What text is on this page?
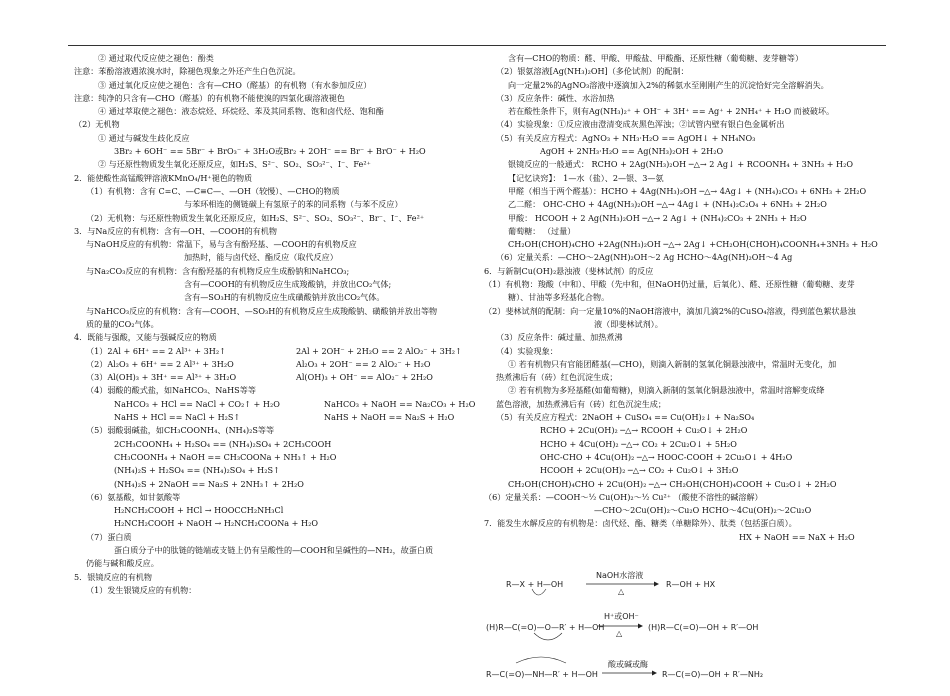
② 通过取代反应使之褪色：酚类
注意：苯酚溶液遇浓溴水时，除褪色现象之外还产生白色沉淀。
③ 通过氧化反应使之褪色：含有—CHO（醛基）的有机物（有水参加反应）
注意：纯净的只含有—CHO（醛基）的有机物不能使溴的四氯化碳溶液褪色
④ 通过萃取使之褪色：液态烷烃、环烷烃、苯及其同系物、饱和卤代烃、饱和酯
（2）无机物
① 通过与碱发生歧化反应
3Br₂ + 6OH⁻ == 5Br⁻ + BrO₃⁻ + 3H₂O或Br₂ + 2OH⁻ == Br⁻ + BrO⁻ + H₂O
② 与还原性物质发生氧化还原反应，如H₂S、S²⁻、SO₂、SO₃²⁻、I⁻、Fe²⁺
2．能使酸性高锰酸钾溶液KMnO₄/H⁺褪色的物质
（1）有机物：含有 C=C、—C≡C—、—OH（较慢）、—CHO的物质
与苯环相连的侧链碳上有氢原子的苯的同系物（与苯不反应）
（2）无机物：与还原性物质发生氧化还原反应，如H₂S、S²⁻、SO₂、SO₃²⁻、Br⁻、I⁻、Fe²⁺
3．与Na反应的有机物：含有—OH、—COOH的有机物
与NaOH反应的有机物：常温下，易与含有酚羟基、—COOH的有机物反应
加热时，能与卤代烃、酯反应（取代反应）
与Na₂CO₃反应的有机物：含有酚羟基的有机物反应生成酚钠和NaHCO₃;
含有—COOH的有机物反应生成羧酸钠，并放出CO₂气体;
含有—SO₃H的有机物反应生成磺酸钠并放出CO₂气体。
与NaHCO₃反应的有机物：含有—COOH、—SO₃H的有机物反应生成羧酸钠、磺酸钠并放出等物
质的量的CO₂气体。
4．既能与强酸，又能与强碱反应的物质
（1）2Al + 6H⁺ == 2 Al³⁺ + 3H₂↑	2Al + 2OH⁻ + 2H₂O == 2 AlO₂⁻ + 3H₂↑
（2）Al₂O₃ + 6H⁺ == 2 Al³⁺ + 3H₂O	Al₂O₃ + 2OH⁻ == 2 AlO₂⁻ + H₂O
（3）Al(OH)₃ + 3H⁺ == Al³⁺ + 3H₂O	Al(OH)₃ + OH⁻ == AlO₂⁻ + 2H₂O
（4）弱酸的酸式盐，如NaHCO₃、NaHS等等
NaHCO₃ + HCl == NaCl + CO₂↑ + H₂O	NaHCO₃ + NaOH == Na₂CO₃ + H₂O
NaHS + HCl == NaCl + H₂S↑	NaHS + NaOH == Na₂S + H₂O
（5）弱酸弱碱盐，如CH₃COONH₄、(NH₄)₂S等等
2CH₃COONH₄ + H₂SO₄ == (NH₄)₂SO₄ + 2CH₃COOH
CH₃COONH₄ + NaOH == CH₃COONa + NH₃↑ + H₂O
(NH₄)₂S + H₂SO₄ == (NH₄)₂SO₄ + H₂S↑
(NH₄)₂S + 2NaOH == Na₂S + 2NH₃↑ + 2H₂O
（6）氨基酸，如甘氨酸等
H₂NCH₂COOH + HCl → HOOCCH₂NH₃Cl
H₂NCH₂COOH + NaOH → H₂NCH₂COONa + H₂O
（7）蛋白质
蛋白质分子中的肽链的链端或支链上仍有呈酸性的—COOH和呈碱性的—NH₂，故蛋白质
仍能与碱和酸反应。
5．银镜反应的有机物
（1）发生银镜反应的有机物：
含有—CHO的物质：醛、甲酸、甲酸盐、甲酸酯、还原性糖（葡萄糖、麦芽糖等）
（2）银氨溶液[Ag(NH₃)₂OH]（多伦试剂）的配制：
向一定量2%的AgNO₃溶液中逐滴加入2%的稀氨水至刚刚产生的沉淀恰好完全溶解消失。
（3）反应条件：碱性、水浴加热
若在酸性条件下，则有Ag(NH₃)₂⁺ + OH⁻ + 3H⁺ == Ag⁺ + 2NH₄⁺ + H₂O 而被破坏。
（4）实验现象：①反应液由澄清变成灰黑色浑浊；②试管内壁有银白色金属析出
（5）有关反应方程式：AgNO₃ + NH₃·H₂O == AgOH↓ + NH₄NO₃
AgOH + 2NH₃·H₂O == Ag(NH₃)₂OH + 2H₂O
银镜反应的一般通式： RCHO + 2Ag(NH₃)₂OH ─△→ 2 Ag↓ + RCOONH₄ + 3NH₃ + H₂O
【记忆诀窍】： 1—水（盐）、2—银、3—氨
甲醛（相当于两个醛基）：HCHO + 4Ag(NH₃)₂OH ─△→ 4Ag↓ + (NH₄)₂CO₃ + 6NH₃ + 2H₂O
乙二醛： OHC-CHO + 4Ag(NH₃)₂OH ─△→ 4Ag↓ + (NH₄)₂C₂O₄ + 6NH₃ + 2H₂O
甲酸： HCOOH + 2 Ag(NH₃)₂OH ─△→ 2 Ag↓ + (NH₄)₂CO₃ + 2NH₃ + H₂O
葡萄糖： （过量）
CH₂OH(CHOH)₄CHO +2Ag(NH₃)₂OH ─△→ 2Ag↓ +CH₂OH(CHOH)₄COONH₄+3NH₃ + H₂O
（6）定量关系：—CHO～2Ag(NH)₂OH～2 Ag HCHO～4Ag(NH)₂OH～4 Ag
6．与新制Cu(OH)₂悬浊液（斐林试剂）的反应
（1）有机物：羧酸（中和）、甲酸（先中和，但NaOH仍过量，后氧化）、醛、还原性糖（葡萄糖、麦芽
糖）、甘油等多羟基化合物。
（2）斐林试剂的配制：向一定量10%的NaOH溶液中，滴加几滴2%的CuSO₄溶液，得到蓝色絮状悬浊
液（即斐林试剂）。
（3）反应条件：碱过量、加热煮沸
（4）实验现象：
① 若有机物只有官能团醛基(—CHO)，则滴入新制的氢氧化铜悬浊液中，常温时无变化，加
热煮沸后有（砖）红色沉淀生成；
② 若有机物为多羟基醛(如葡萄糖)，则滴入新制的氢氧化铜悬浊液中，常温时溶解变成绛
蓝色溶液，加热煮沸后有（砖）红色沉淀生成；
（5）有关反应方程式：2NaOH + CuSO₄ == Cu(OH)₂↓ + Na₂SO₄
RCHO + 2Cu(OH)₂ ─△→ RCOOH + Cu₂O↓ + 2H₂O
HCHO + 4Cu(OH)₂ ─△→ CO₂ + 2Cu₂O↓ + 5H₂O
OHC-CHO + 4Cu(OH)₂ ─△→ HOOC-COOH + 2Cu₂O↓ + 4H₂O
HCOOH + 2Cu(OH)₂ ─△→ CO₂ + Cu₂O↓ + 3H₂O
CH₂OH(CHOH)₄CHO + 2Cu(OH)₂ ─△→ CH₂OH(CHOH)₄COOH + Cu₂O↓ + 2H₂O
（6）定量关系：—COOH～½ Cu(OH)₂～½ Cu²⁺ （酸使不溶性的碱溶解）
—CHO～2Cu(OH)₂～Cu₂O HCHO～4Cu(OH)₂～2Cu₂O
7．能发生水解反应的有机物是：卤代烃、酯、糖类（单糖除外）、肽类（包括蛋白质）。
HX + NaOH == NaX + H₂O
R—X + H—OH
NaOH水溶液
△
R—OH + HX
(H)R—C(=O)—O—R′ + H—OH
H⁺或OH⁻
△
(H)R—C(=O)—OH + R′—OH
R—C(=O)—NH—R′ + H—OH
酸或碱或酶
R—C(=O)—OH + R′—NH₂
